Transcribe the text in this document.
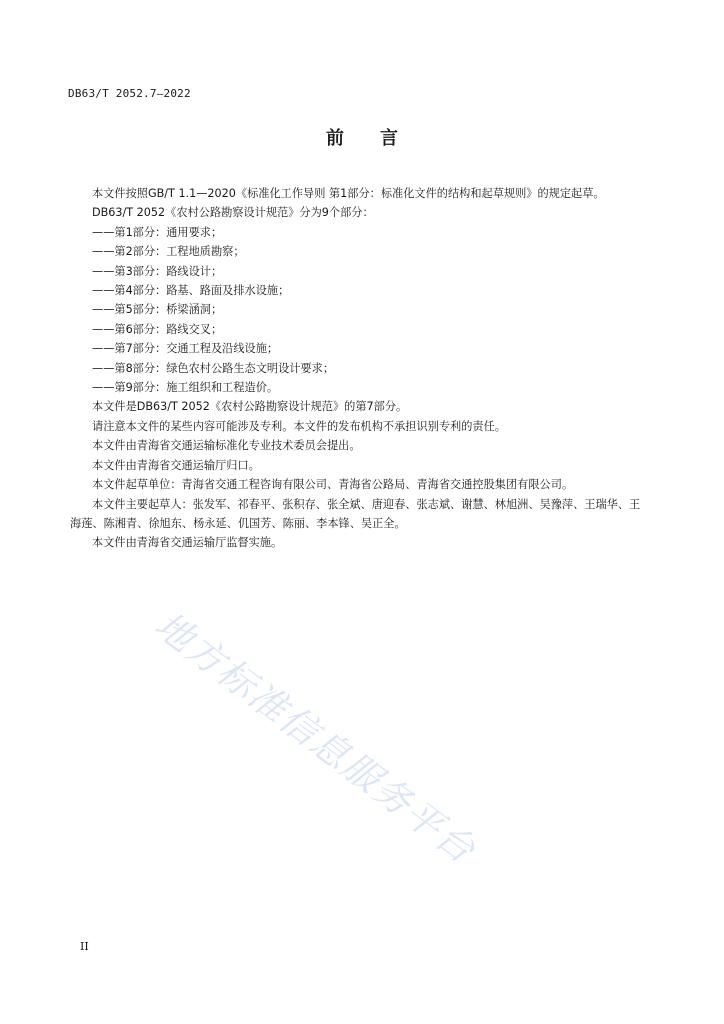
DB63/T 2052.7—2022
前言

本文件按照GB/T 1.1—2020《标准化工作导则 第1部分：标准化文件的结构和起草规则》的规定起草。

DB63/T 2052《农村公路勘察设计规范》分为9个部分：

——第1部分：通用要求；

——第2部分：工程地质勘察；

——第3部分：路线设计；

——第4部分：路基、路面及排水设施；

——第5部分：桥梁涵洞；

——第6部分：路线交叉；

——第7部分：交通工程及沿线设施；

——第8部分：绿色农村公路生态文明设计要求；

——第9部分：施工组织和工程造价。

本文件是DB63/T 2052《农村公路勘察设计规范》的第7部分。

请注意本文件的某些内容可能涉及专利。本文件的发布机构不承担识别专利的责任。

本文件由青海省交通运输标准化专业技术委员会提出。

本文件由青海省交通运输厅归口。

本文件起草单位：青海省交通工程咨询有限公司、青海省公路局、青海省交通控股集团有限公司。

本文件主要起草人：张发军、祁春平、张积存、张全斌、唐迎春、张志斌、谢慧、林旭洲、吴豫萍、王瑞华、王海莲、陈湘青、徐旭东、杨永延、仉国芳、陈丽、李本锋、吴正全。

本文件由青海省交通运输厅监督实施。

地方标准信息服务平台
II
